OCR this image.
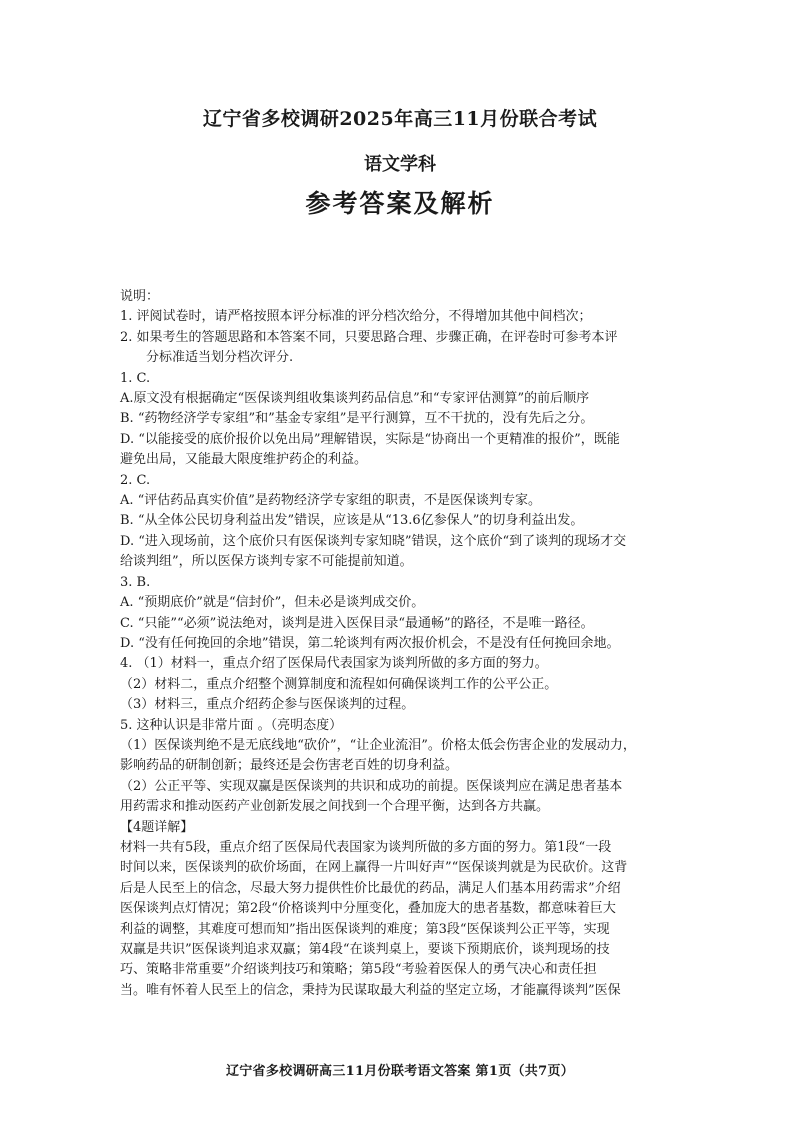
辽宁省多校调研2025年高三11月份联合考试
语文学科
参考答案及解析

说明：

1. 评阅试卷时，请严格按照本评分标准的评分档次给分，不得增加其他中间档次；

2. 如果考生的答题思路和本答案不同，只要思路合理、步骤正确，在评卷时可参考本评

分标准适当划分档次评分.

1. C.

A.原文没有根据确定“医保谈判组收集谈判药品信息”和“专家评估测算”的前后顺序

B. “药物经济学专家组”和”基金专家组”是平行测算，互不干扰的，没有先后之分。

D. “以能接受的底价报价以免出局”理解错误，实际是“协商出一个更精准的报价”，既能

避免出局，又能最大限度维护药企的利益。

2. C.

A. “评估药品真实价值”是药物经济学专家组的职责，不是医保谈判专家。

B. “从全体公民切身利益出发”错误，应该是从“13.6亿参保人”的切身利益出发。

D. “进入现场前，这个底价只有医保谈判专家知晓”错误，这个底价“到了谈判的现场才交

给谈判组”，所以医保方谈判专家不可能提前知道。

3. B.

A. “预期底价”就是“信封价”，但未必是谈判成交价。

C. “只能”“必须”说法绝对，谈判是进入医保目录“最通畅”的路径，不是唯一路径。

D. “没有任何挽回的余地”错误，第二轮谈判有两次报价机会，不是没有任何挽回余地。

4. （1）材料一，重点介绍了医保局代表国家为谈判所做的多方面的努力。

（2）材料二，重点介绍整个测算制度和流程如何确保谈判工作的公平公正。

（3）材料三，重点介绍药企参与医保谈判的过程。

5. 这种认识是非常片面 。（亮明态度）

（1）医保谈判绝不是无底线地“砍价”，“让企业流泪”。价格太低会伤害企业的发展动力，

影响药品的研制创新；最终还是会伤害老百姓的切身利益。

（2）公正平等、实现双赢是医保谈判的共识和成功的前提。医保谈判应在满足患者基本

用药需求和推动医药产业创新发展之间找到一个合理平衡，达到各方共赢。

【4题详解】

材料一共有5段，重点介绍了医保局代表国家为谈判所做的多方面的努力。第1段“一段

时间以来，医保谈判的砍价场面，在网上赢得一片叫好声”“医保谈判就是为民砍价。这背

后是人民至上的信念，尽最大努力提供性价比最优的药品，满足人们基本用药需求”介绍

医保谈判点灯情况；第2段“价格谈判中分厘变化，叠加庞大的患者基数，都意味着巨大

利益的调整，其难度可想而知”指出医保谈判的难度；第3段“医保谈判公正平等，实现

双赢是共识”医保谈判追求双赢；第4段“在谈判桌上，要谈下预期底价，谈判现场的技

巧、策略非常重要”介绍谈判技巧和策略；第5段“考验着医保人的勇气决心和责任担

当。唯有怀着人民至上的信念，秉持为民谋取最大利益的坚定立场，才能赢得谈判”医保

辽宁省多校调研高三11月份联考语文答案 第1页（共7页）
